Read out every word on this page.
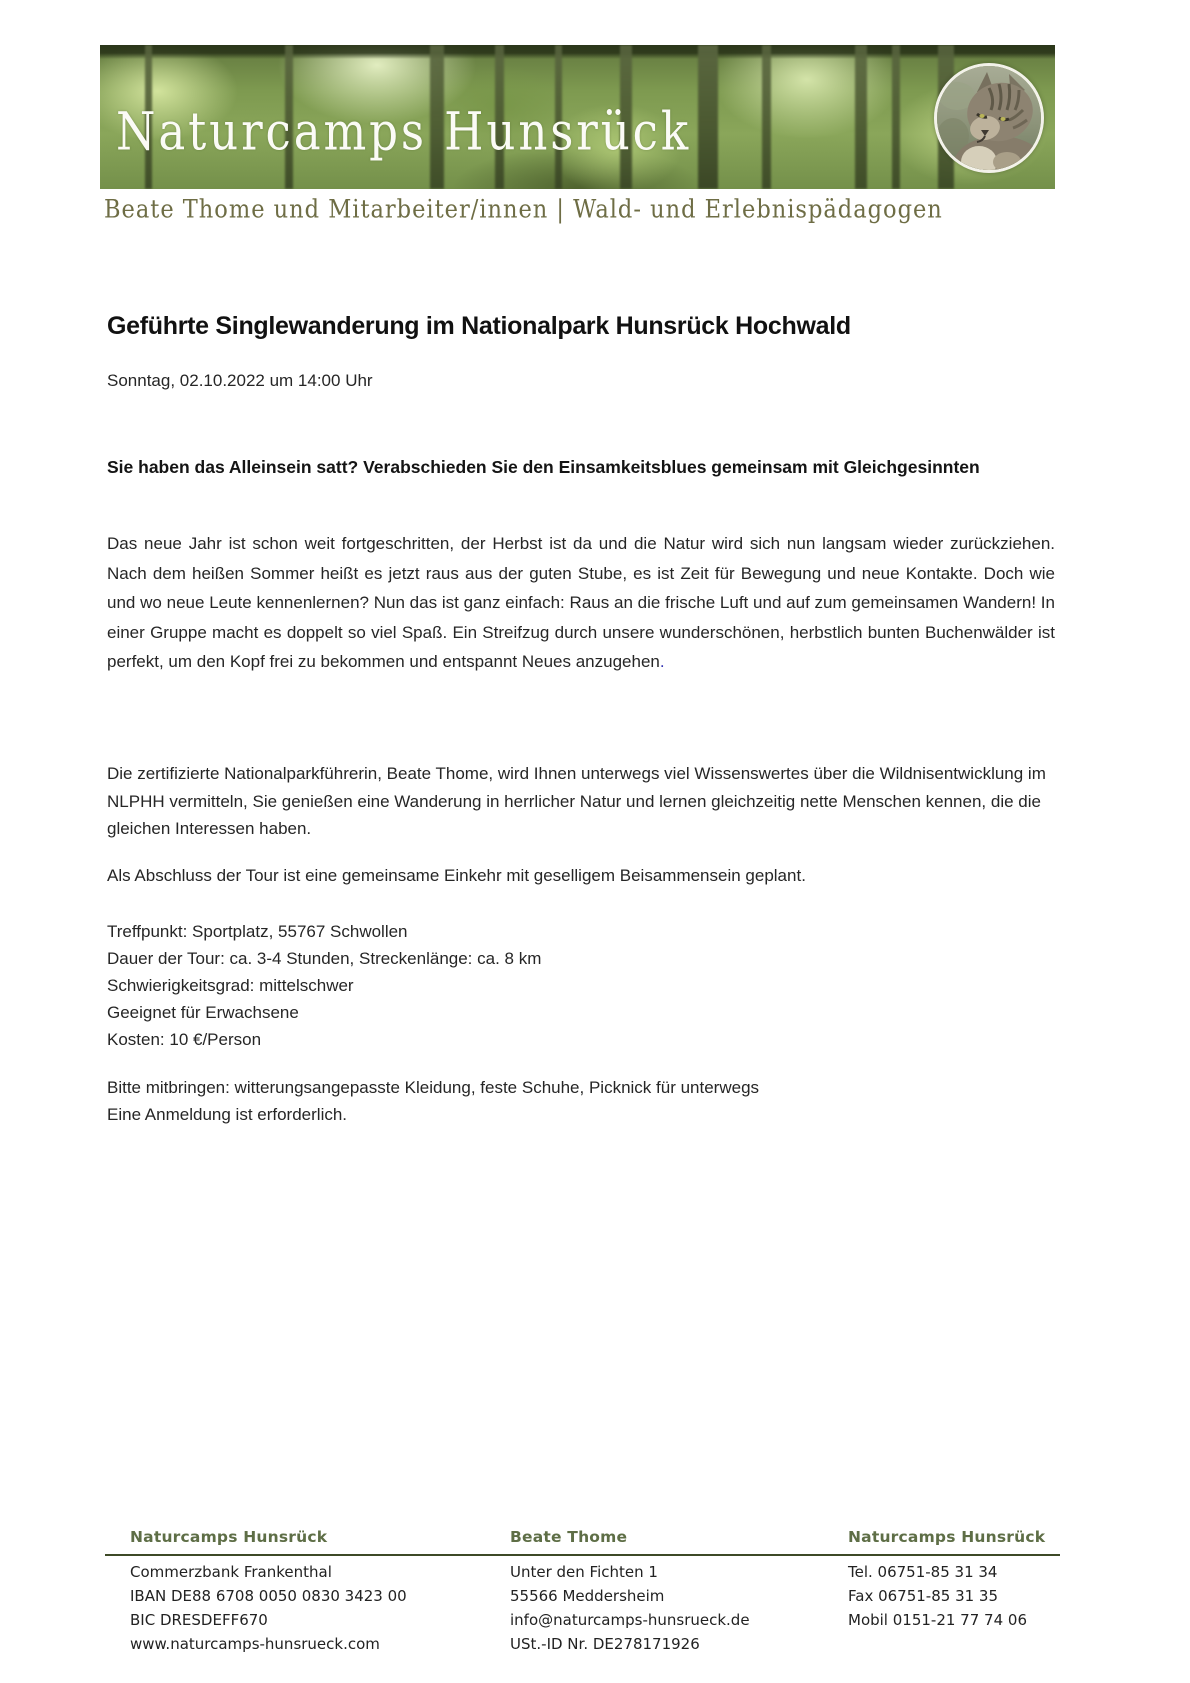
Naturcamps Hunsrück
Beate Thome und Mitarbeiter/innen | Wald- und Erlebnispädagogen
Geführte Singlewanderung im Nationalpark Hunsrück Hochwald
Sonntag, 02.10.2022 um 14:00 Uhr
Sie haben das Alleinsein satt? Verabschieden Sie den Einsamkeitsblues gemeinsam mit Gleichgesinnten

Das neue Jahr ist schon weit fortgeschritten, der Herbst ist da und die Natur wird sich nun langsam wieder zurückziehen. Nach dem heißen Sommer heißt es jetzt raus aus der guten Stube, es ist Zeit für Bewegung und neue Kontakte. Doch wie und wo neue Leute kennenlernen? Nun das ist ganz einfach: Raus an die frische Luft und auf zum gemeinsamen Wandern! In einer Gruppe macht es doppelt so viel Spaß. Ein Streifzug durch unsere wunderschönen, herbstlich bunten Buchenwälder ist perfekt, um den Kopf frei zu bekommen und entspannt Neues anzugehen.

Die zertifizierte Nationalparkführerin, Beate Thome, wird Ihnen unterwegs viel Wissenswertes über die Wildnisentwicklung im NLPHH vermitteln, Sie genießen eine Wanderung in herrlicher Natur und lernen gleichzeitig nette Menschen kennen, die die gleichen Interessen haben.

Als Abschluss der Tour ist eine gemeinsame Einkehr mit geselligem Beisammensein geplant.

Treffpunkt: Sportplatz, 55767 Schwollen
Dauer der Tour: ca. 3-4 Stunden, Streckenlänge: ca. 8 km
Schwierigkeitsgrad: mittelschwer
Geeignet für Erwachsene
Kosten: 10 €/Person
Bitte mitbringen: witterungsangepasste Kleidung, feste Schuhe, Picknick für unterwegs
Eine Anmeldung ist erforderlich.
Naturcamps Hunsrück
Commerzbank Frankenthal
IBAN DE88 6708 0050 0830 3423 00
BIC DRESDEFF670
www.naturcamps-hunsrueck.com
Beate Thome
Unter den Fichten 1
55566 Meddersheim
info@naturcamps-hunsrueck.de
USt.-ID Nr. DE278171926
Naturcamps Hunsrück
Tel. 06751-85 31 34
Fax 06751-85 31 35
Mobil 0151-21 77 74 06
